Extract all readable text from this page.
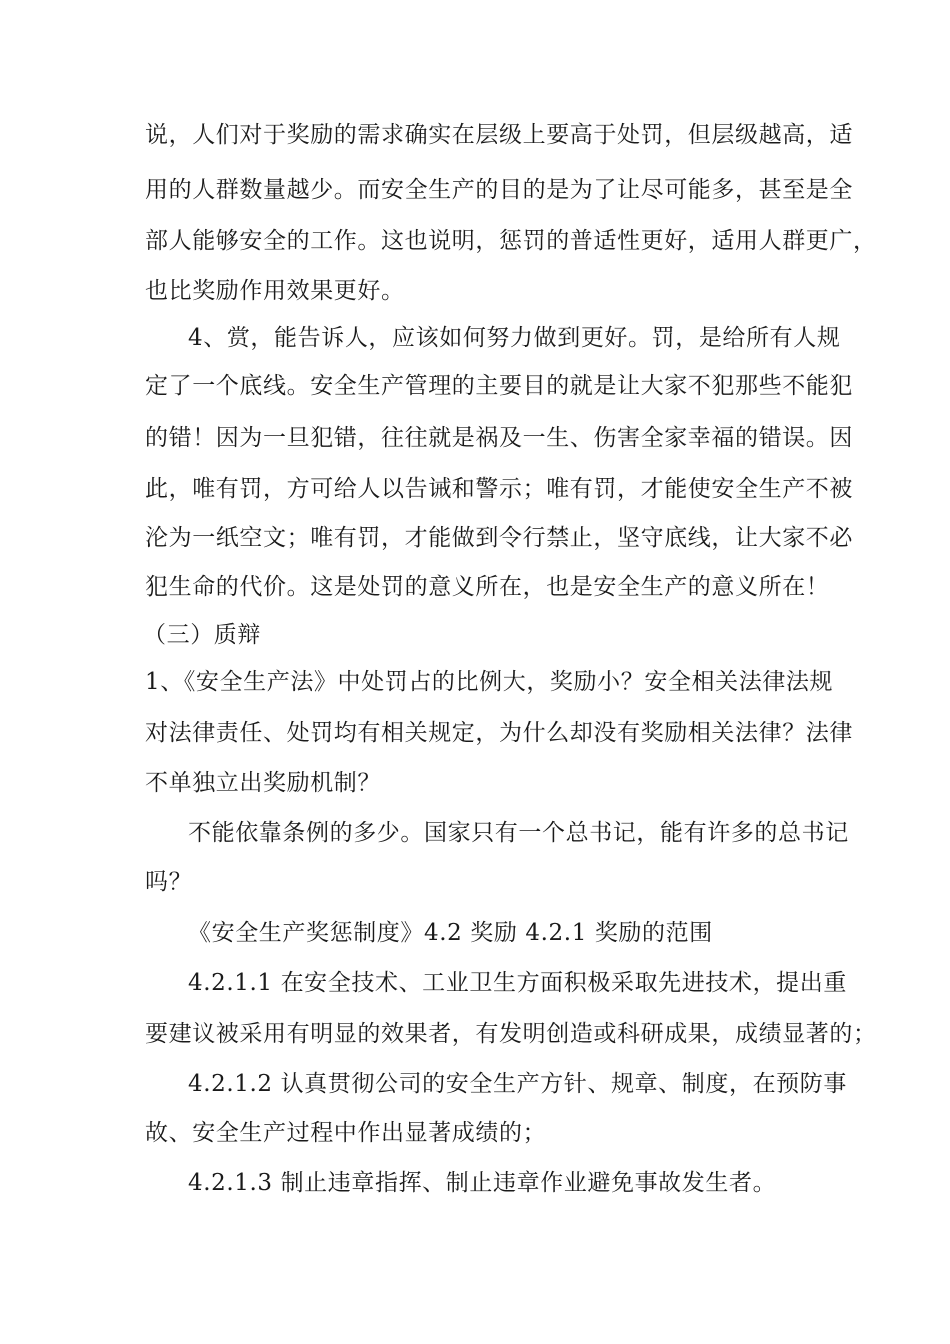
说，人们对于奖励的需求确实在层级上要高于处罚，但层级越高，适
用的人群数量越少。而安全生产的目的是为了让尽可能多，甚至是全
部人能够安全的工作。这也说明，惩罚的普适性更好，适用人群更广，
也比奖励作用效果更好。
4、赏，能告诉人，应该如何努力做到更好。罚，是给所有人规
定了一个底线。安全生产管理的主要目的就是让大家不犯那些不能犯
的错！因为一旦犯错，往往就是祸及一生、伤害全家幸福的错误。因
此，唯有罚，方可给人以告诫和警示；唯有罚，才能使安全生产不被
沦为一纸空文；唯有罚，才能做到令行禁止，坚守底线，让大家不必
犯生命的代价。这是处罚的意义所在，也是安全生产的意义所在！
（三）质辩
1、《安全生产法》中处罚占的比例大，奖励小？安全相关法律法规
对法律责任、处罚均有相关规定，为什么却没有奖励相关法律？法律
不单独立出奖励机制？
不能依靠条例的多少。国家只有一个总书记，能有许多的总书记
吗？
《安全生产奖惩制度》4.2 奖励 4.2.1 奖励的范围
4.2.1.1 在安全技术、工业卫生方面积极采取先进技术，提出重
要建议被采用有明显的效果者，有发明创造或科研成果，成绩显著的；
4.2.1.2 认真贯彻公司的安全生产方针、规章、制度，在预防事
故、安全生产过程中作出显著成绩的；
4.2.1.3 制止违章指挥、制止违章作业避免事故发生者。
